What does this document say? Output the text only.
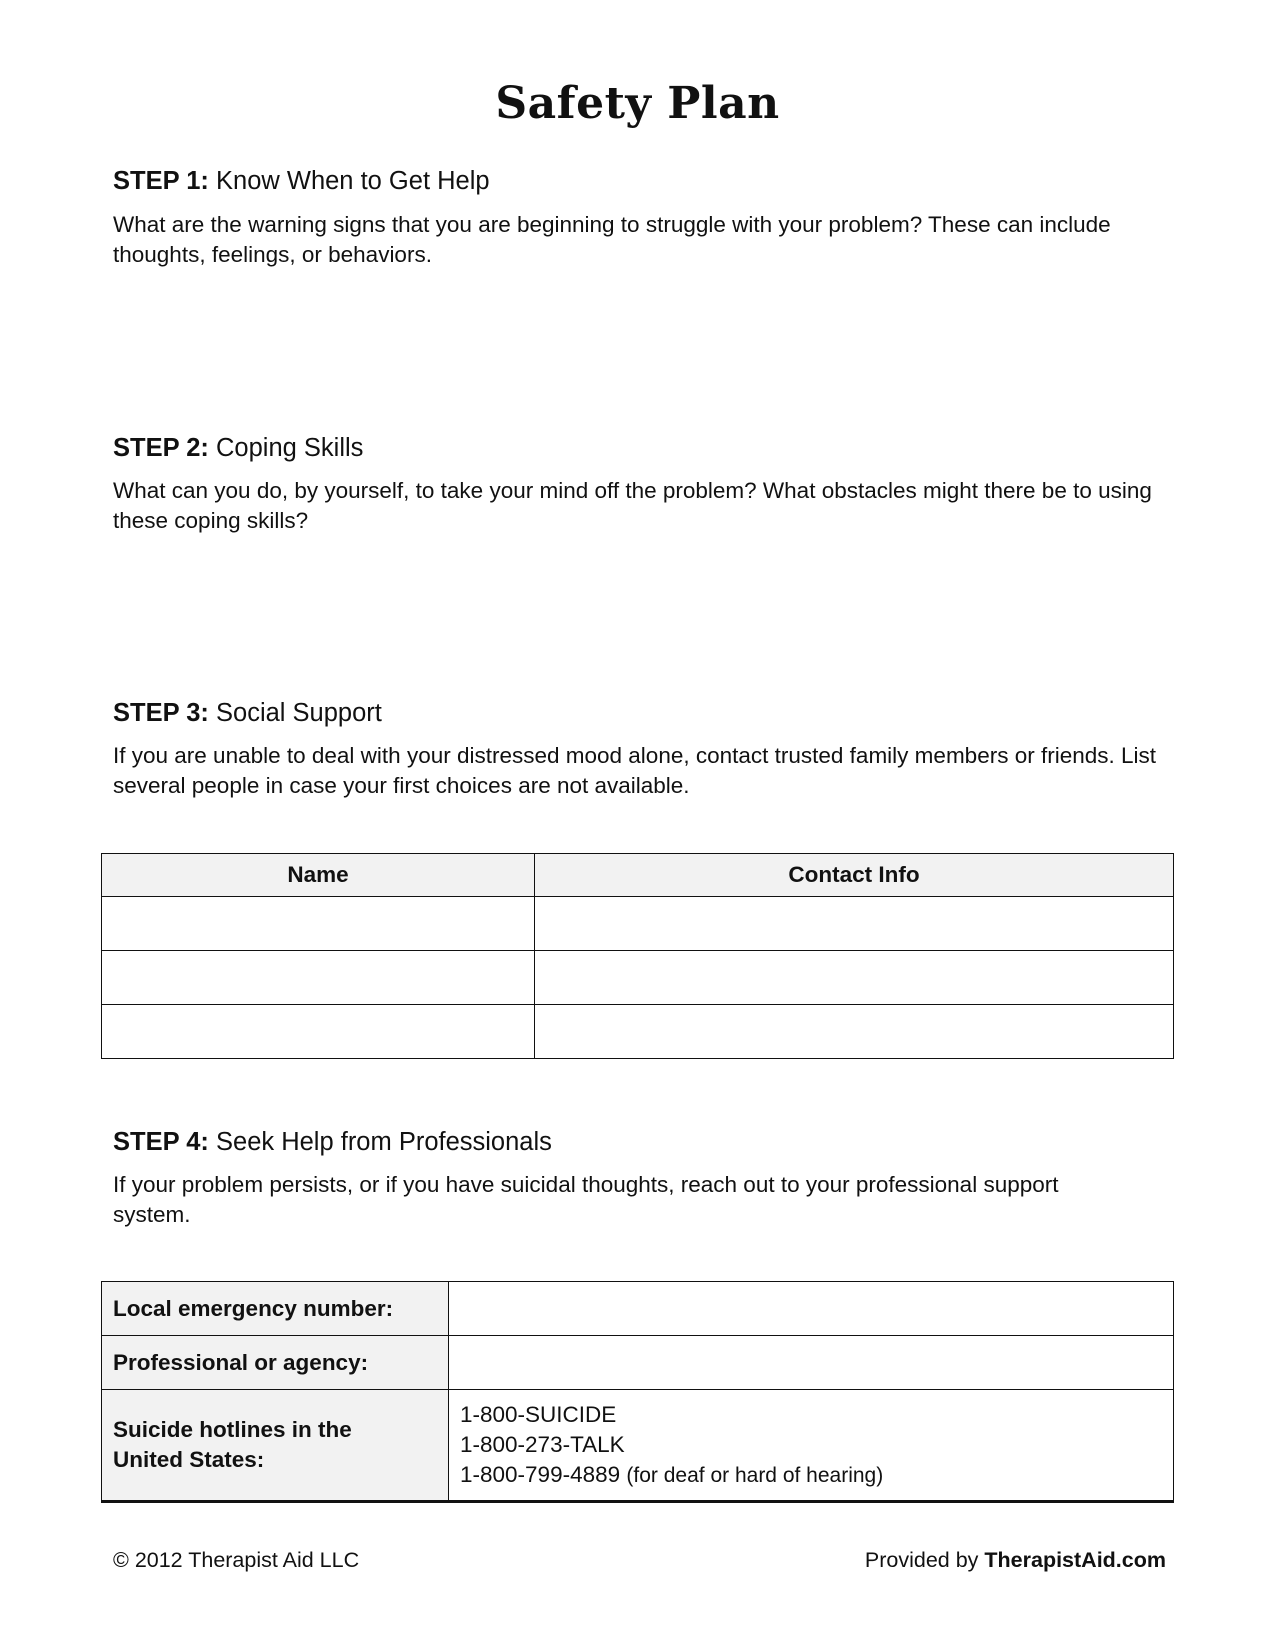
Safety Plan
STEP 1: Know When to Get Help
What are the warning signs that you are beginning to struggle with your problem? These can include thoughts, feelings, or behaviors.
STEP 2: Coping Skills
What can you do, by yourself, to take your mind off the problem? What obstacles might there be to using these coping skills?
STEP 3: Social Support
If you are unable to deal with your distressed mood alone, contact trusted family members or friends. List several people in case your first choices are not available.
Name	Contact Info

STEP 4: Seek Help from Professionals
If your problem persists, or if you have suicidal thoughts, reach out to your professional support system.
Local emergency number:	
Professional or agency:	
Suicide hotlines in the United States:	1-800-SUICIDE
1-800-273-TALK
1-800-799-4889 (for deaf or hard of hearing)
© 2012 Therapist Aid LLC	Provided by TherapistAid.com
